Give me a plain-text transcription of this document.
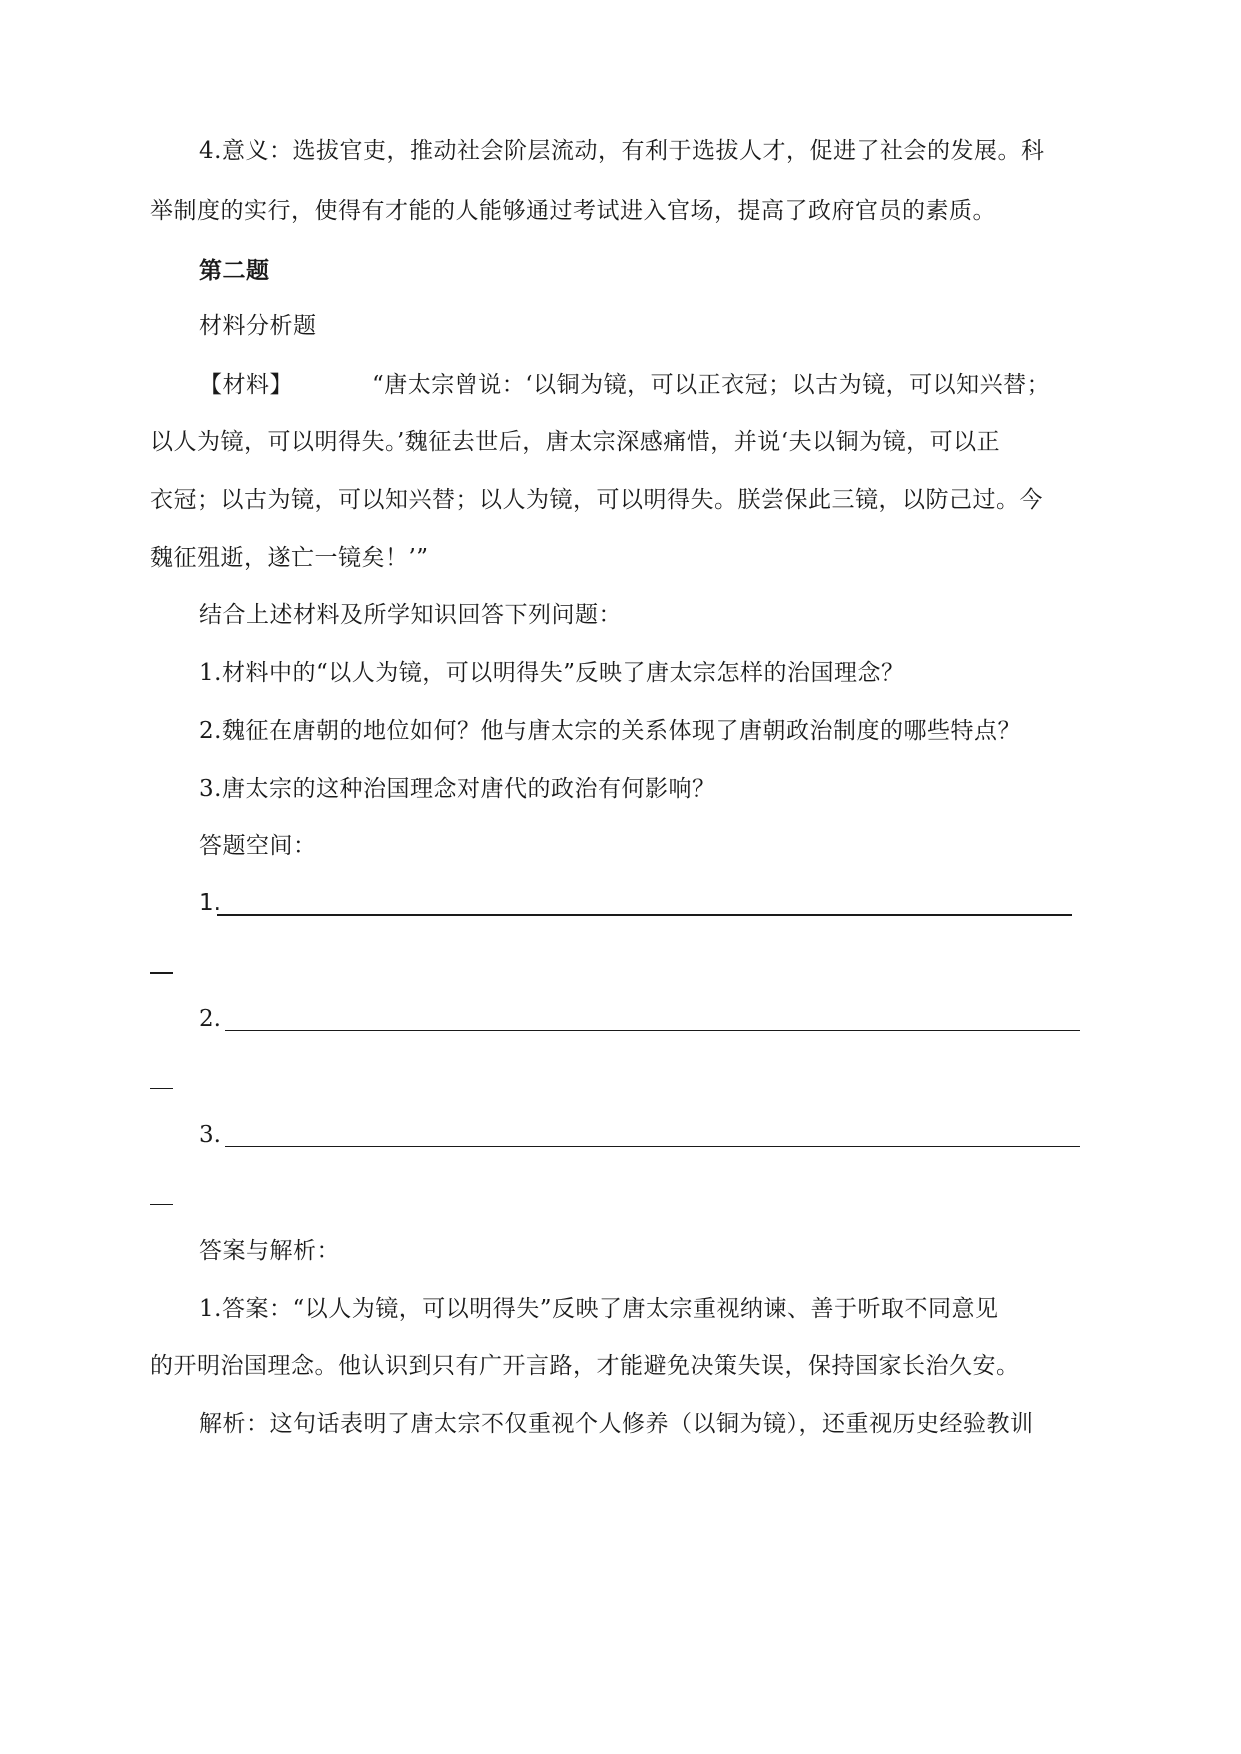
4.意义：选拔官吏，推动社会阶层流动，有利于选拔人才，促进了社会的发展。科
举制度的实行，使得有才能的人能够通过考试进入官场，提高了政府官员的素质。
第二题
材料分析题
【材料】	“唐太宗曾说：‘以铜为镜，可以正衣冠；以古为镜，可以知兴替；
以人为镜，可以明得失。’魏征去世后，唐太宗深感痛惜，并说‘夫以铜为镜，可以正
衣冠；以古为镜，可以知兴替；以人为镜，可以明得失。朕尝保此三镜，以防己过。今
魏征殂逝，遂亡一镜矣！’”
结合上述材料及所学知识回答下列问题：
1.材料中的“以人为镜，可以明得失”反映了唐太宗怎样的治国理念？
2.魏征在唐朝的地位如何？他与唐太宗的关系体现了唐朝政治制度的哪些特点？
3.唐太宗的这种治国理念对唐代的政治有何影响？
答题空间：
1.
2.
3.
答案与解析：
1.答案：“以人为镜，可以明得失”反映了唐太宗重视纳谏、善于听取不同意见
的开明治国理念。他认识到只有广开言路，才能避免决策失误，保持国家长治久安。
解析：这句话表明了唐太宗不仅重视个人修养（以铜为镜），还重视历史经验教训
